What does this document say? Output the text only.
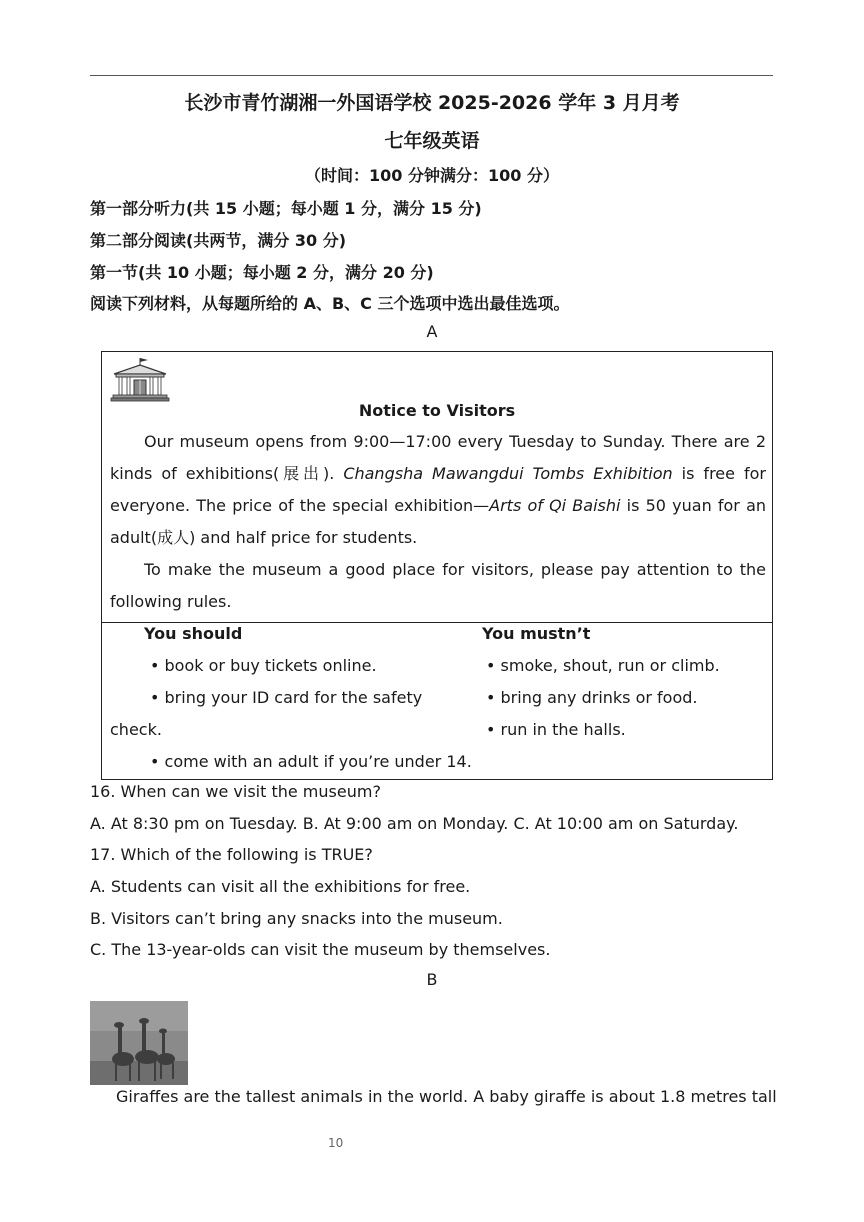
长沙市青竹湖湘一外国语学校 2025-2026 学年 3 月月考
七年级英语
（时间：100 分钟满分：100 分）
第一部分听力(共 15 小题；每小题 1 分，满分 15 分)
第二部分阅读(共两节，满分 30 分)
第一节(共 10 小题；每小题 2 分，满分 20 分)
阅读下列材料，从每题所给的 A、B、C 三个选项中选出最佳选项。
A
Notice to Visitors
Our museum opens from 9:00—17:00 every Tuesday to Sunday. There are 2 kinds of exhibitions(展出). Changsha Mawangdui Tombs Exhibition is free for everyone. The price of the special exhibition—Arts of Qi Baishi is 50 yuan for an adult(成人) and half price for students.
To make the museum a good place for visitors, please pay attention to the following rules.
You should
• book or buy tickets online.
• bring your ID card for the safety
check.
• come with an adult if you’re under 14.
You mustn’t
• smoke, shout, run or climb.
• bring any drinks or food.
• run in the halls.
16. When can we visit the museum?
A. At 8:30 pm on Tuesday. B. At 9:00 am on Monday. C. At 10:00 am on Saturday.
17. Which of the following is TRUE?
A. Students can visit all the exhibitions for free.
B. Visitors can’t bring any snacks into the museum.
C. The 13-year-olds can visit the museum by themselves.
B
Giraffes are the tallest animals in the world. A baby giraffe is about 1.8 metres tall
10
